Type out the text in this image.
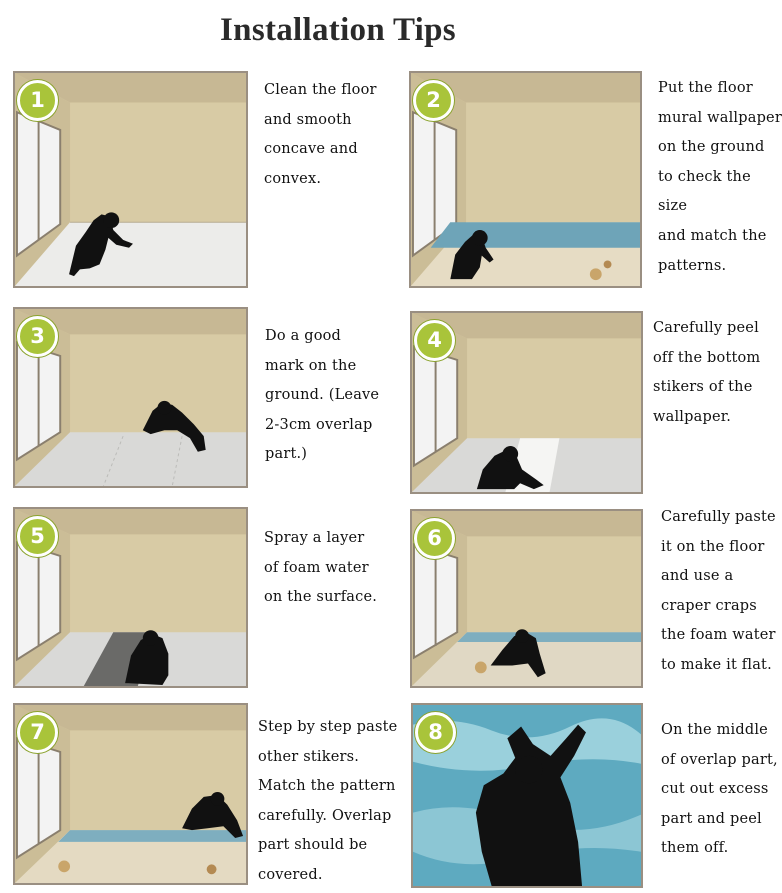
Installation Tips
1	Clean the floor
and smooth
concave and
convex.
2	Put the floor
mural wallpaper
on the ground
to check the size
and match the
patterns.
3	Do a good
mark on the
ground. (Leave
2-3cm overlap
part.)
4	Carefully peel
off the bottom
stikers of the
wallpaper.
5	Spray a layer
of foam water
on the surface.
6
Carefully paste
it on the floor
and use a
craper craps
the foam water
to make it flat.
7	Step by step paste
other stikers.
Match the pattern
carefully. Overlap
part should be
covered.
8	On the middle
of overlap part,
cut out excess
part and peel
them off.
